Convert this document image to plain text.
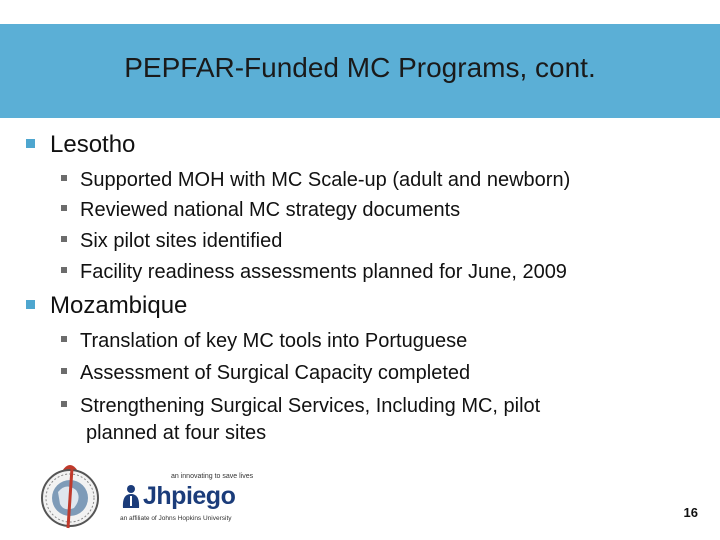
PEPFAR-Funded MC Programs, cont.
Lesotho
Supported MOH with MC Scale-up (adult and newborn)
Reviewed national MC strategy documents
Six pilot sites identified
Facility readiness assessments planned for June, 2009
Mozambique
Translation of key MC tools into Portuguese
Assessment of Surgical Capacity completed
Strengthening Surgical Services, Including MC, pilot
planned at four sites
an innovating to save lives
Jhpiego
an affiliate of Johns Hopkins University	16
